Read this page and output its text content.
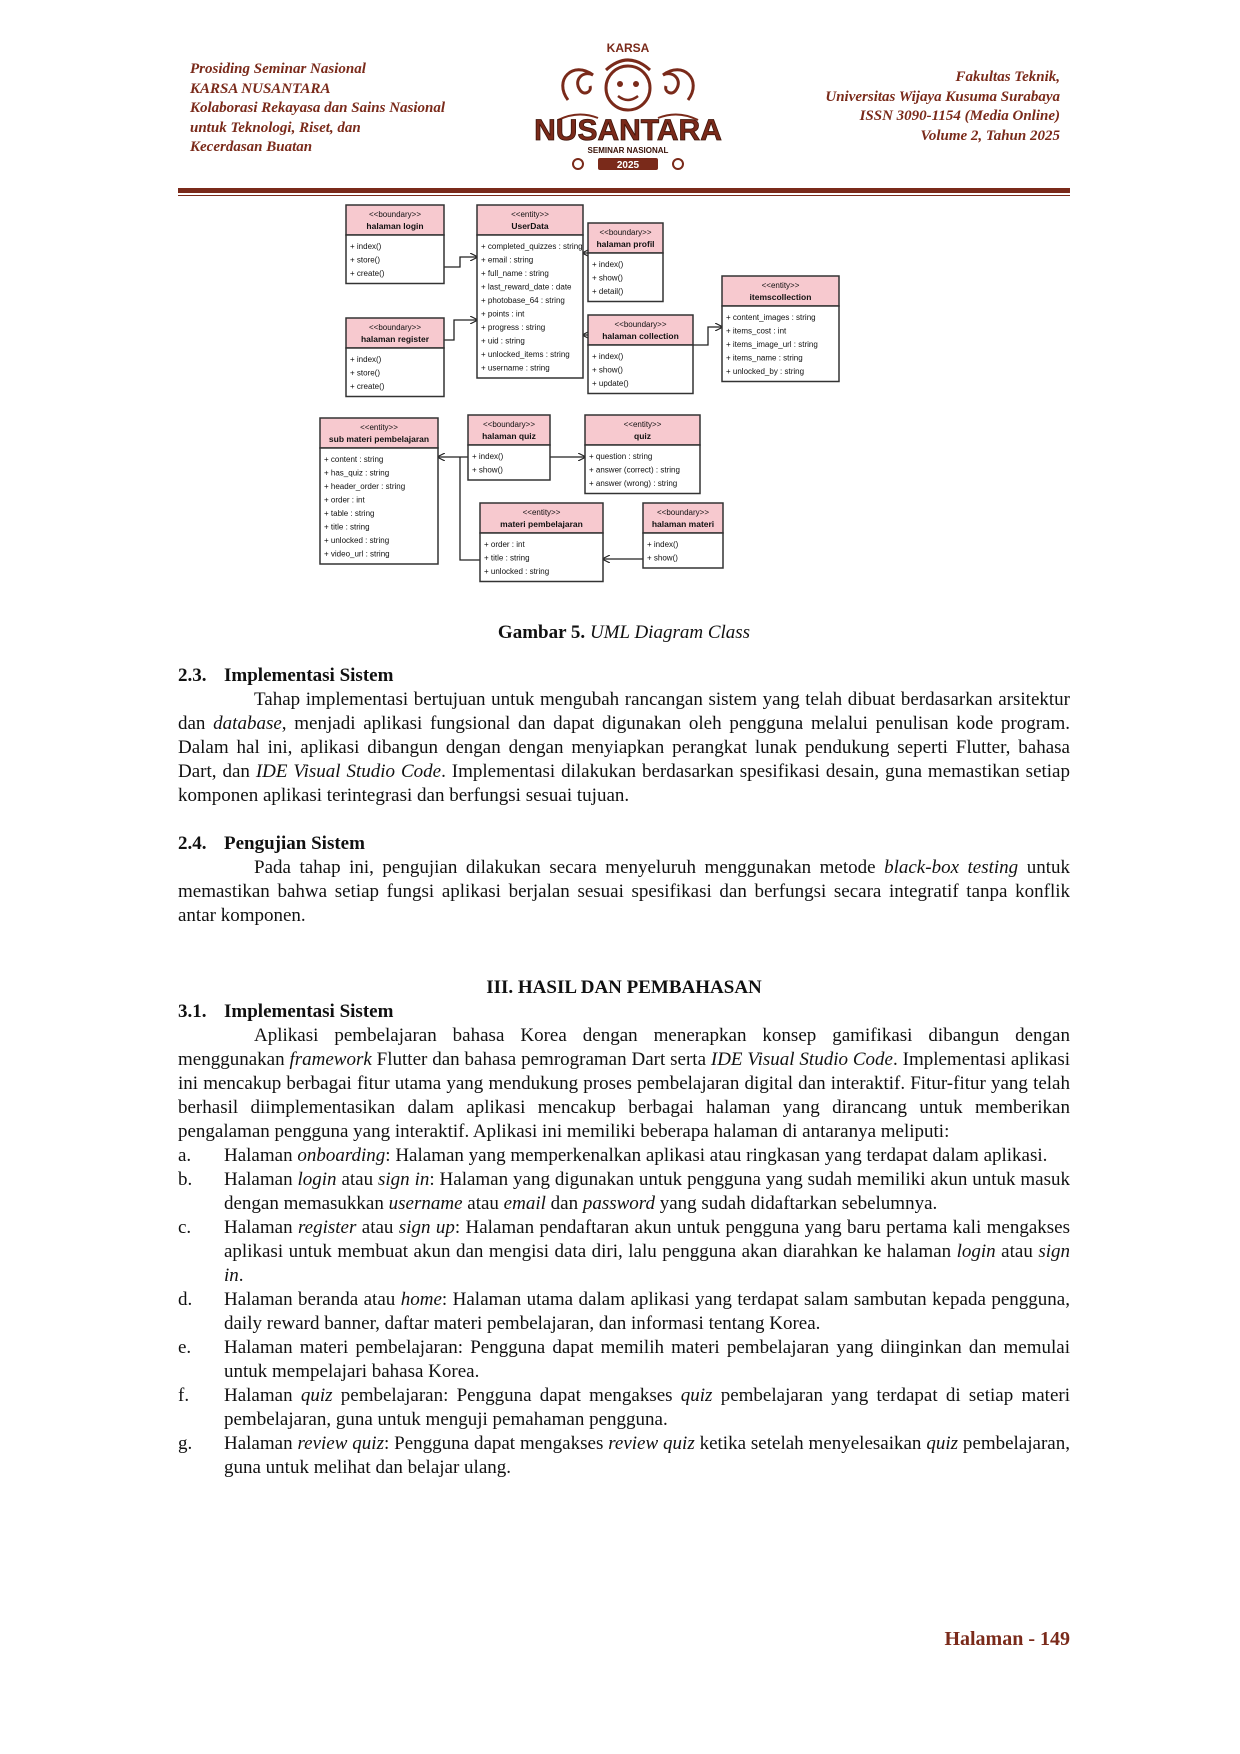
Prosiding Seminar Nasional
KARSA NUSANTARA
Kolaborasi Rekayasa dan Sains Nasional
untuk Teknologi, Riset, dan
Kecerdasan Buatan
KARSA
NUSANTARA
SEMINAR NASIONAL
2025
Fakultas Teknik,
Universitas Wijaya Kusuma Surabaya
ISSN 3090-1154 (Media Online)
Volume 2, Tahun 2025
<<boundary>>
halaman login
+ index()
+ store()
+ create()
<<entity>>
UserData
+ completed_quizzes : string
+ email : string
+ full_name : string
+ last_reward_date : date
+ photobase_64 : string
+ points : int
+ progress : string
+ uid : string
+ unlocked_items : string
+ username : string
<<boundary>>
halaman profil
+ index()
+ show()
+ detail()
<<entity>>
itemscollection
+ content_images : string
+ items_cost : int
+ items_image_url : string
+ items_name : string
+ unlocked_by : string
<<boundary>>
halaman register
+ index()
+ store()
+ create()
<<boundary>>
halaman collection
+ index()
+ show()
+ update()
<<entity>>
sub materi pembelajaran
+ content : string
+ has_quiz : string
+ header_order : string
+ order : int
+ table : string
+ title : string
+ unlocked : string
+ video_url : string
<<boundary>>
halaman quiz
+ index()
+ show()
<<entity>>
quiz
+ question : string
+ answer (correct) : string
+ answer (wrong) : string
<<entity>>
materi pembelajaran
+ order : int
+ title : string
+ unlocked : string
<<boundary>>
halaman materi
+ index()
+ show()
Gambar 5. UML Diagram Class
2.3. Implementasi Sistem

Tahap implementasi bertujuan untuk mengubah rancangan sistem yang telah dibuat berdasarkan arsitektur dan database, menjadi aplikasi fungsional dan dapat digunakan oleh pengguna melalui penulisan kode program. Dalam hal ini, aplikasi dibangun dengan dengan menyiapkan perangkat lunak pendukung seperti Flutter, bahasa Dart, dan IDE Visual Studio Code. Implementasi dilakukan berdasarkan spesifikasi desain, guna memastikan setiap komponen aplikasi terintegrasi dan berfungsi sesuai tujuan.

2.4. Pengujian Sistem

Pada tahap ini, pengujian dilakukan secara menyeluruh menggunakan metode black-box testing untuk memastikan bahwa setiap fungsi aplikasi berjalan sesuai spesifikasi dan berfungsi secara integratif tanpa konflik antar komponen.

III. HASIL DAN PEMBAHASAN
3.1. Implementasi Sistem

Aplikasi pembelajaran bahasa Korea dengan menerapkan konsep gamifikasi dibangun dengan menggunakan framework Flutter dan bahasa pemrograman Dart serta IDE Visual Studio Code. Implementasi aplikasi ini mencakup berbagai fitur utama yang mendukung proses pembelajaran digital dan interaktif. Fitur-fitur yang telah berhasil diimplementasikan dalam aplikasi mencakup berbagai halaman yang dirancang untuk memberikan pengalaman pengguna yang interaktif. Aplikasi ini memiliki beberapa halaman di antaranya meliputi:

a. Halaman onboarding: Halaman yang memperkenalkan aplikasi atau ringkasan yang terdapat dalam aplikasi.
b. Halaman login atau sign in: Halaman yang digunakan untuk pengguna yang sudah memiliki akun untuk masuk dengan memasukkan username atau email dan password yang sudah didaftarkan sebelumnya.
c. Halaman register atau sign up: Halaman pendaftaran akun untuk pengguna yang baru pertama kali mengakses aplikasi untuk membuat akun dan mengisi data diri, lalu pengguna akan diarahkan ke halaman login atau sign in.
d. Halaman beranda atau home: Halaman utama dalam aplikasi yang terdapat salam sambutan kepada pengguna, daily reward banner, daftar materi pembelajaran, dan informasi tentang Korea.
e. Halaman materi pembelajaran: Pengguna dapat memilih materi pembelajaran yang diinginkan dan memulai untuk mempelajari bahasa Korea.
f. Halaman quiz pembelajaran: Pengguna dapat mengakses quiz pembelajaran yang terdapat di setiap materi pembelajaran, guna untuk menguji pemahaman pengguna.
g. Halaman review quiz: Pengguna dapat mengakses review quiz ketika setelah menyelesaikan quiz pembelajaran, guna untuk melihat dan belajar ulang.
Halaman - 149
